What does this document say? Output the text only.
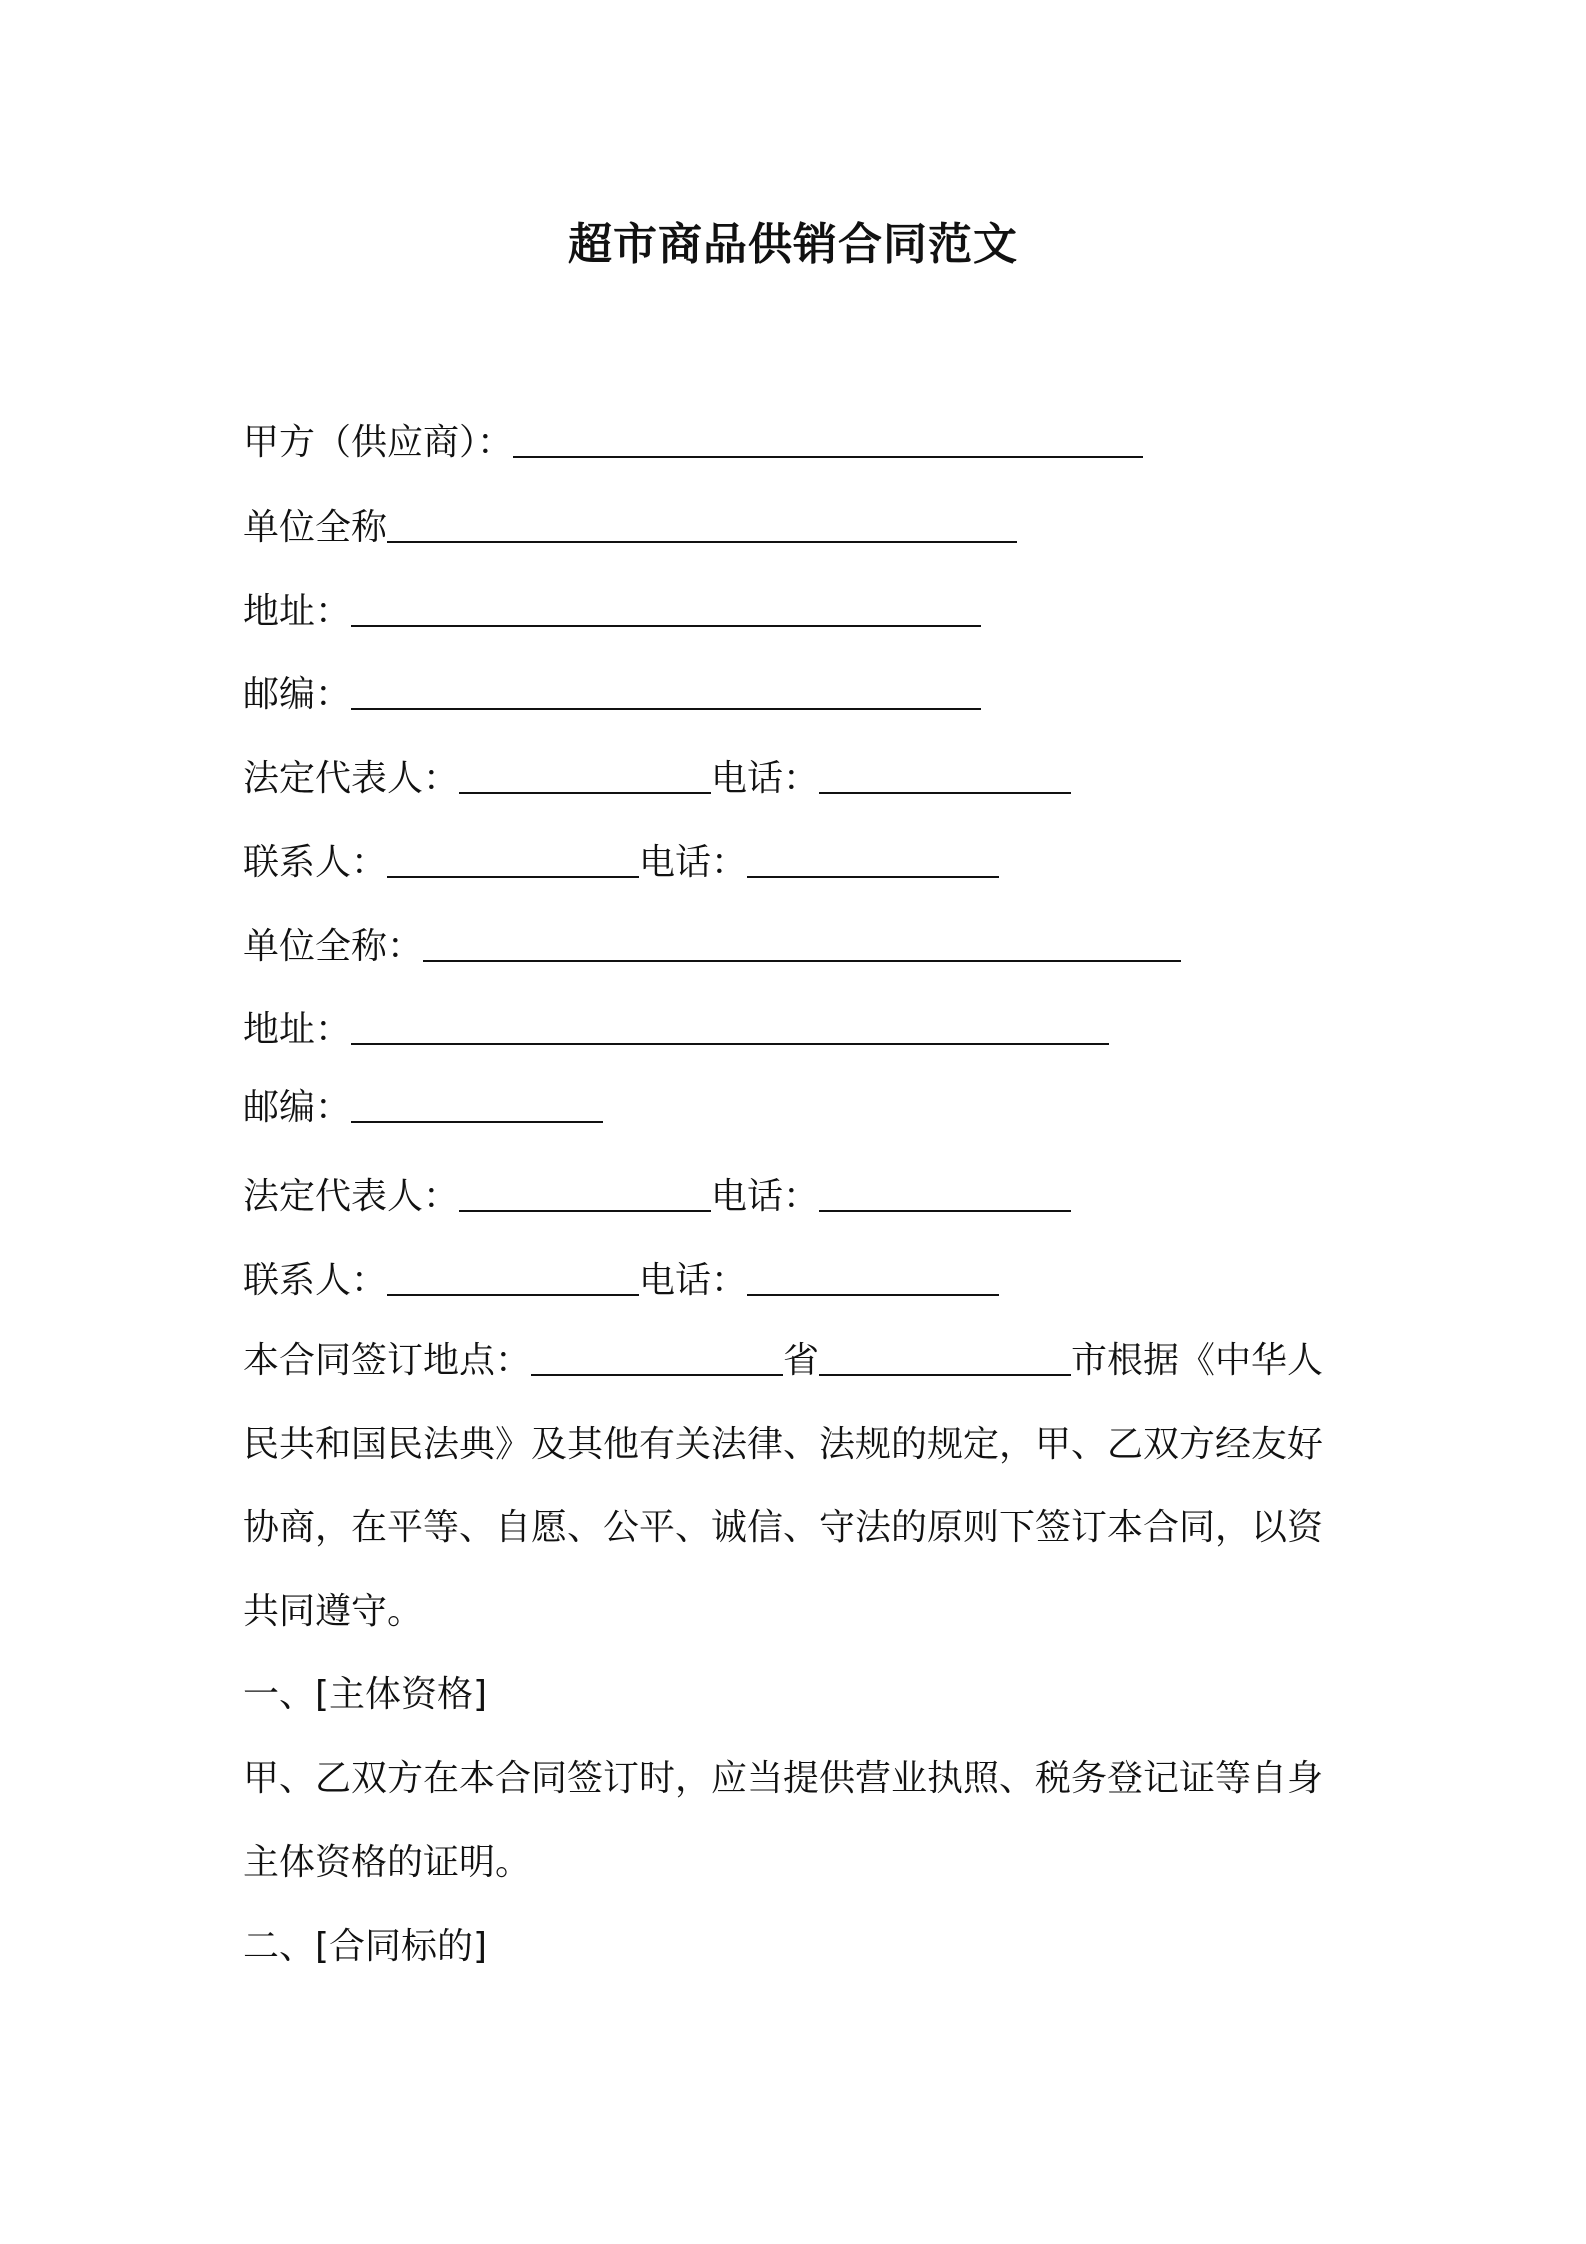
超市商品供销合同范文
甲方（供应商）：
单位全称
地址：
邮编：
法定代表人：	电话：
联系人：	电话：
单位全称：
地址：
邮编：
法定代表人：	电话：
联系人：	电话：
本合同签订地点：	省	市根据《中华人
民共和国民法典》及其他有关法律、法规的规定，甲、乙双方经友好
协商，在平等、自愿、公平、诚信、守法的原则下签订本合同，以资
共同遵守。
一、[主体资格]
甲、乙双方在本合同签订时，应当提供营业执照、税务登记证等自身
主体资格的证明。
二、[合同标的]
